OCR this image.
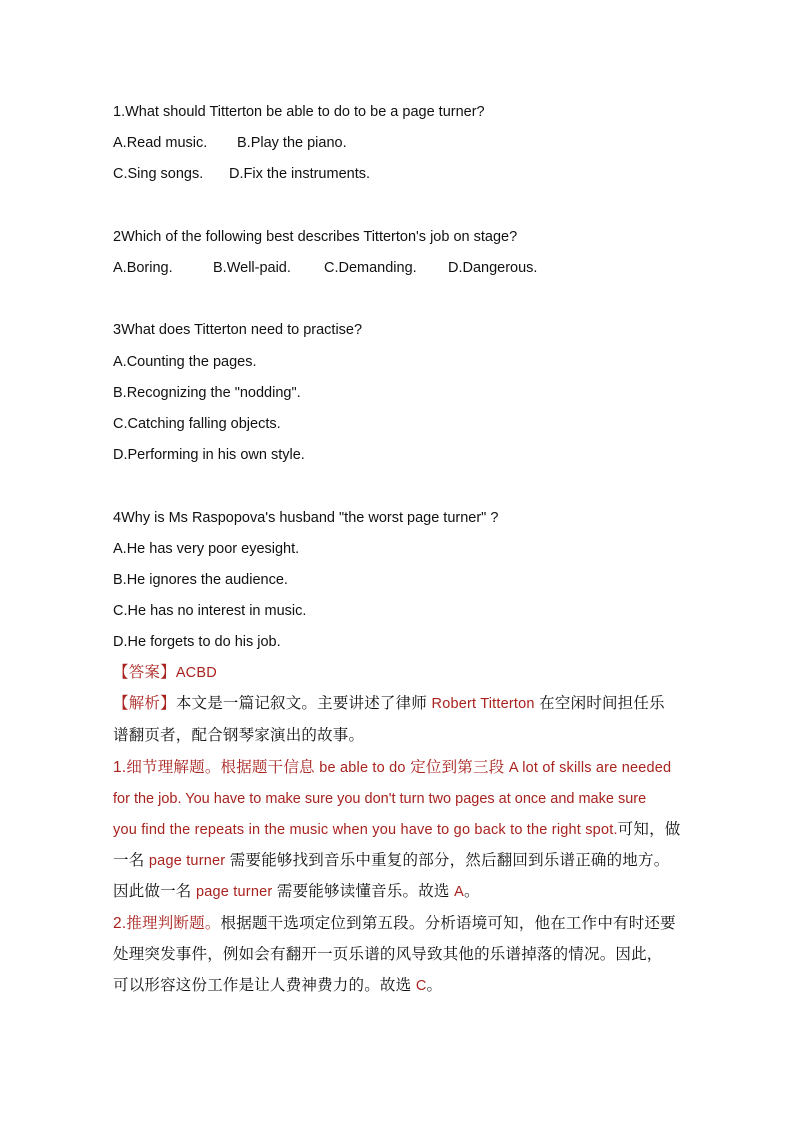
1.What should Titterton be able to do to be a page turner?
A.Read music. B.Play the piano.
C.Sing songs. D.Fix the instruments.
2Which of the following best describes Titterton's job on stage?
A.Boring.	B.Well-paid. C.Demanding. D.Dangerous.
3What does Titterton need to practise?
A.Counting the pages.
B.Recognizing the "nodding".
C.Catching falling objects.
D.Performing in his own style.
4Why is Ms Raspopova's husband "the worst page turner" ?
A.He has very poor eyesight.
B.He ignores the audience.
C.He has no interest in music.
D.He forgets to do his job.
【答案】ACBD
【解析】本文是一篇记叙文。主要讲述了律师 Robert Titterton 在空闲时间担任乐
谱翻页者，配合钢琴家演出的故事。
1.细节理解题。根据题干信息 be able to do 定位到第三段 A lot of skills are needed
for the job. You have to make sure you don't turn two pages at once and make sure
you find the repeats in the music when you have to go back to the right spot.可知，做
一名 page turner 需要能够找到音乐中重复的部分，然后翻回到乐谱正确的地方。
因此做一名 page turner 需要能够读懂音乐。故选 A。
2.推理判断题。根据题干选项定位到第五段。分析语境可知，他在工作中有时还要
处理突发事件，例如会有翻开一页乐谱的风导致其他的乐谱掉落的情况。因此，
可以形容这份工作是让人费神费力的。故选 C。
